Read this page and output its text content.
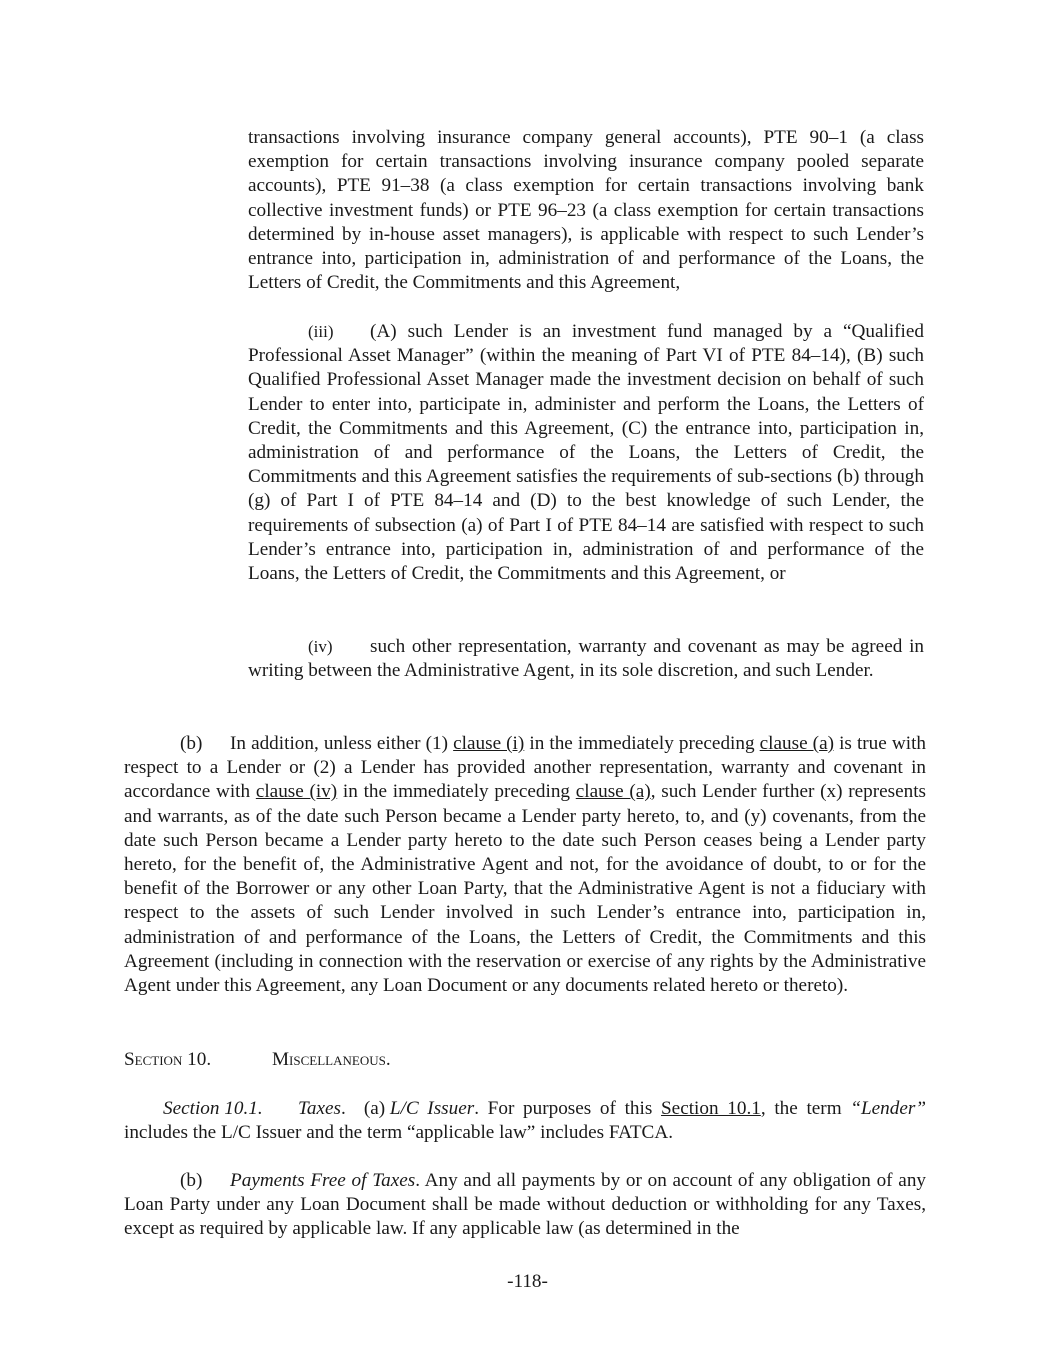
transactions involving insurance company general accounts), PTE 90–1 (a class exemption for certain transactions involving insurance company pooled separate accounts), PTE 91–38 (a class exemption for certain transactions involving bank collective investment funds) or PTE 96–23 (a class exemption for certain transactions determined by in-house asset managers), is applicable with respect to such Lender’s entrance into, participation in, administration of and performance of the Loans, the Letters of Credit, the Commitments and this Agreement,

(iii) (A) such Lender is an investment fund managed by a “Qualified Professional Asset Manager” (within the meaning of Part VI of PTE 84–14), (B) such Qualified Professional Asset Manager made the investment decision on behalf of such Lender to enter into, participate in, administer and perform the Loans, the Letters of Credit, the Commitments and this Agreement, (C) the entrance into, participation in, administration of and performance of the Loans, the Letters of Credit, the Commitments and this Agreement satisfies the requirements of sub-sections (b) through (g) of Part I of PTE 84–14 and (D) to the best knowledge of such Lender, the requirements of subsection (a) of Part I of PTE 84–14 are satisfied with respect to such Lender’s entrance into, participation in, administration of and performance of the Loans, the Letters of Credit, the Commitments and this Agreement, or

(iv) such other representation, warranty and covenant as may be agreed in writing between the Administrative Agent, in its sole discretion, and such Lender.

(b) In addition, unless either (1) clause (i) in the immediately preceding clause (a) is true with respect to a Lender or (2) a Lender has provided another representation, warranty and covenant in accordance with clause (iv) in the immediately preceding clause (a), such Lender further (x) represents and warrants, as of the date such Person became a Lender party hereto, to, and (y) covenants, from the date such Person became a Lender party hereto to the date such Person ceases being a Lender party hereto, for the benefit of, the Administrative Agent and not, for the avoidance of doubt, to or for the benefit of the Borrower or any other Loan Party, that the Administrative Agent is not a fiduciary with respect to the assets of such Lender involved in such Lender’s entrance into, participation in, administration of and performance of the Loans, the Letters of Credit, the Commitments and this Agreement (including in connection with the reservation or exercise of any rights by the Administrative Agent under this Agreement, any Loan Document or any documents related hereto or thereto).

Section 10.	Miscellaneous.

Section 10.1. Taxes. (a) L/C Issuer. For purposes of this Section 10.1, the term “Lender” includes the L/C Issuer and the term “applicable law” includes FATCA.

(b) Payments Free of Taxes. Any and all payments by or on account of any obligation of any Loan Party under any Loan Document shall be made without deduction or withholding for any Taxes, except as required by applicable law. If any applicable law (as determined in the

-118-
